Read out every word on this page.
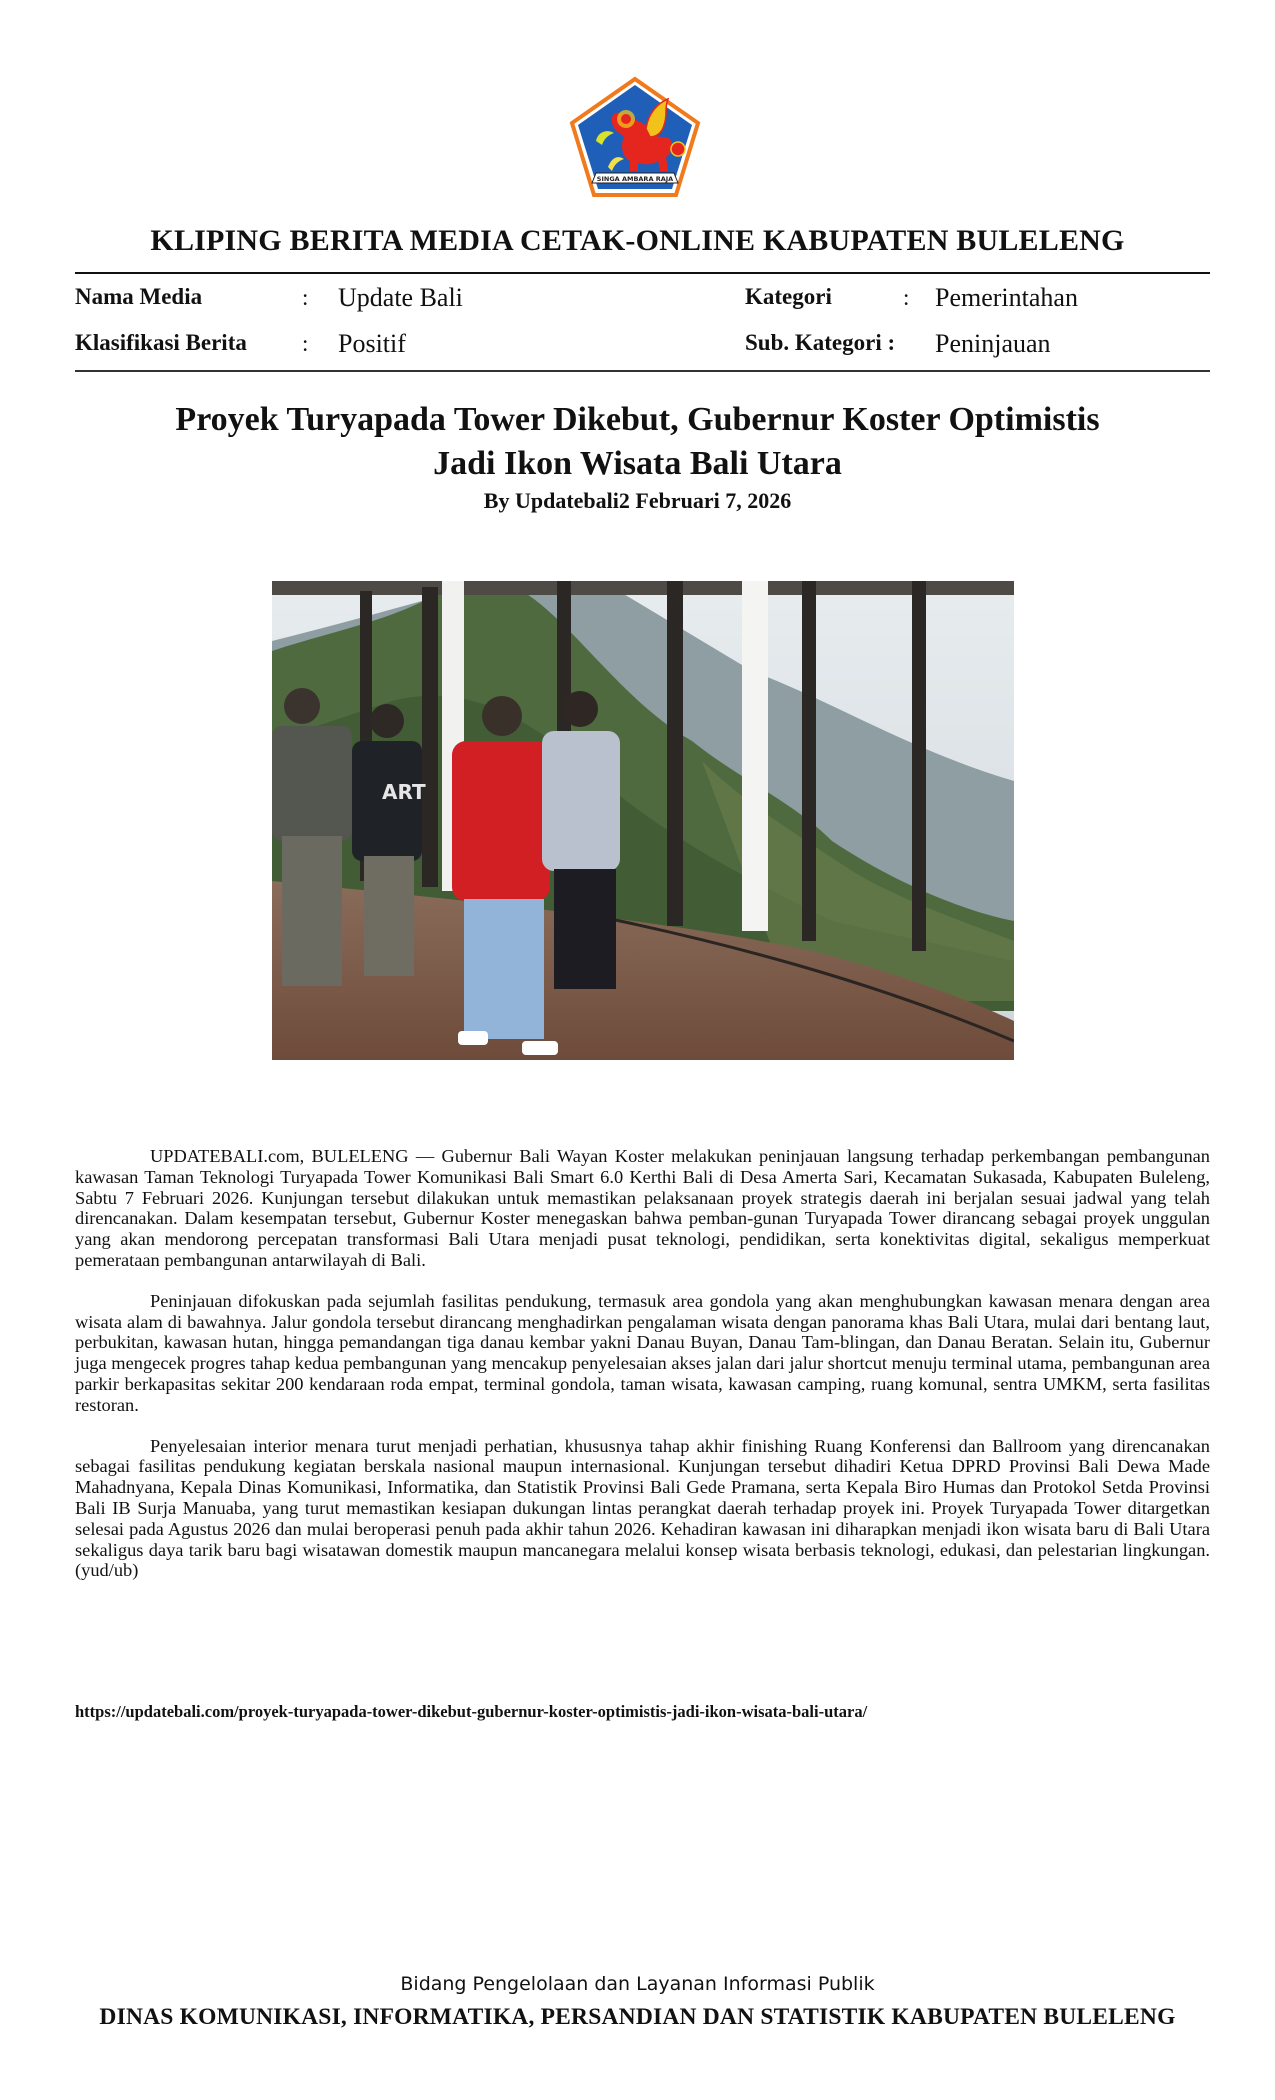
SINGA AMBARA RAJA
KLIPING BERITA MEDIA CETAK-ONLINE KABUPATEN BULELENG
Nama Media	: Update Bali
Klasifikasi Berita : Positif
Kategori	: Pemerintahan
Sub. Kategori : Peninjauan
Proyek Turyapada Tower Dikebut, Gubernur Koster Optimistis
Jadi Ikon Wisata Bali Utara
By Updatebali2 Februari 7, 2026
ART

UPDATEBALI.com, BULELENG — Gubernur Bali Wayan Koster melakukan peninjauan langsung terhadap perkembangan pembangunan kawasan Taman Teknologi Turyapada Tower Komunikasi Bali Smart 6.0 Kerthi Bali di Desa Amerta Sari, Kecamatan Sukasada, Kabupaten Buleleng, Sabtu 7 Februari 2026. Kunjungan tersebut dilakukan untuk memastikan pelaksanaan proyek strategis daerah ini berjalan sesuai jadwal yang telah direncanakan. Dalam kesempatan tersebut, Gubernur Koster menegaskan bahwa pemban-gunan Turyapada Tower dirancang sebagai proyek unggulan yang akan mendorong percepatan transformasi Bali Utara menjadi pusat teknologi, pendidikan, serta konektivitas digital, sekaligus memperkuat pemerataan pembangunan antarwilayah di Bali.

Peninjauan difokuskan pada sejumlah fasilitas pendukung, termasuk area gondola yang akan menghubungkan kawasan menara dengan area wisata alam di bawahnya. Jalur gondola tersebut dirancang menghadirkan pengalaman wisata dengan panorama khas Bali Utara, mulai dari bentang laut, perbukitan, kawasan hutan, hingga pemandangan tiga danau kembar yakni Danau Buyan, Danau Tam-blingan, dan Danau Beratan. Selain itu, Gubernur juga mengecek progres tahap kedua pembangunan yang mencakup penyelesaian akses jalan dari jalur shortcut menuju terminal utama, pembangunan area parkir berkapasitas sekitar 200 kendaraan roda empat, terminal gondola, taman wisata, kawasan camping, ruang komunal, sentra UMKM, serta fasilitas restoran.

Penyelesaian interior menara turut menjadi perhatian, khususnya tahap akhir finishing Ruang Konferensi dan Ballroom yang direncanakan sebagai fasilitas pendukung kegiatan berskala nasional maupun internasional. Kunjungan tersebut dihadiri Ketua DPRD Provinsi Bali Dewa Made Mahadnyana, Kepala Dinas Komunikasi, Informatika, dan Statistik Provinsi Bali Gede Pramana, serta Kepala Biro Humas dan Protokol Setda Provinsi Bali IB Surja Manuaba, yang turut memastikan kesiapan dukungan lintas perangkat daerah terhadap proyek ini. Proyek Turyapada Tower ditargetkan selesai pada Agustus 2026 dan mulai beroperasi penuh pada akhir tahun 2026. Kehadiran kawasan ini diharapkan menjadi ikon wisata baru di Bali Utara sekaligus daya tarik baru bagi wisatawan domestik maupun mancanegara melalui konsep wisata berbasis teknologi, edukasi, dan pelestarian lingkungan.(yud/ub)

https://updatebali.com/proyek-turyapada-tower-dikebut-gubernur-koster-optimistis-jadi-ikon-wisata-bali-utara/
Bidang Pengelolaan dan Layanan Informasi Publik
DINAS KOMUNIKASI, INFORMATIKA, PERSANDIAN DAN STATISTIK KABUPATEN BULELENG
